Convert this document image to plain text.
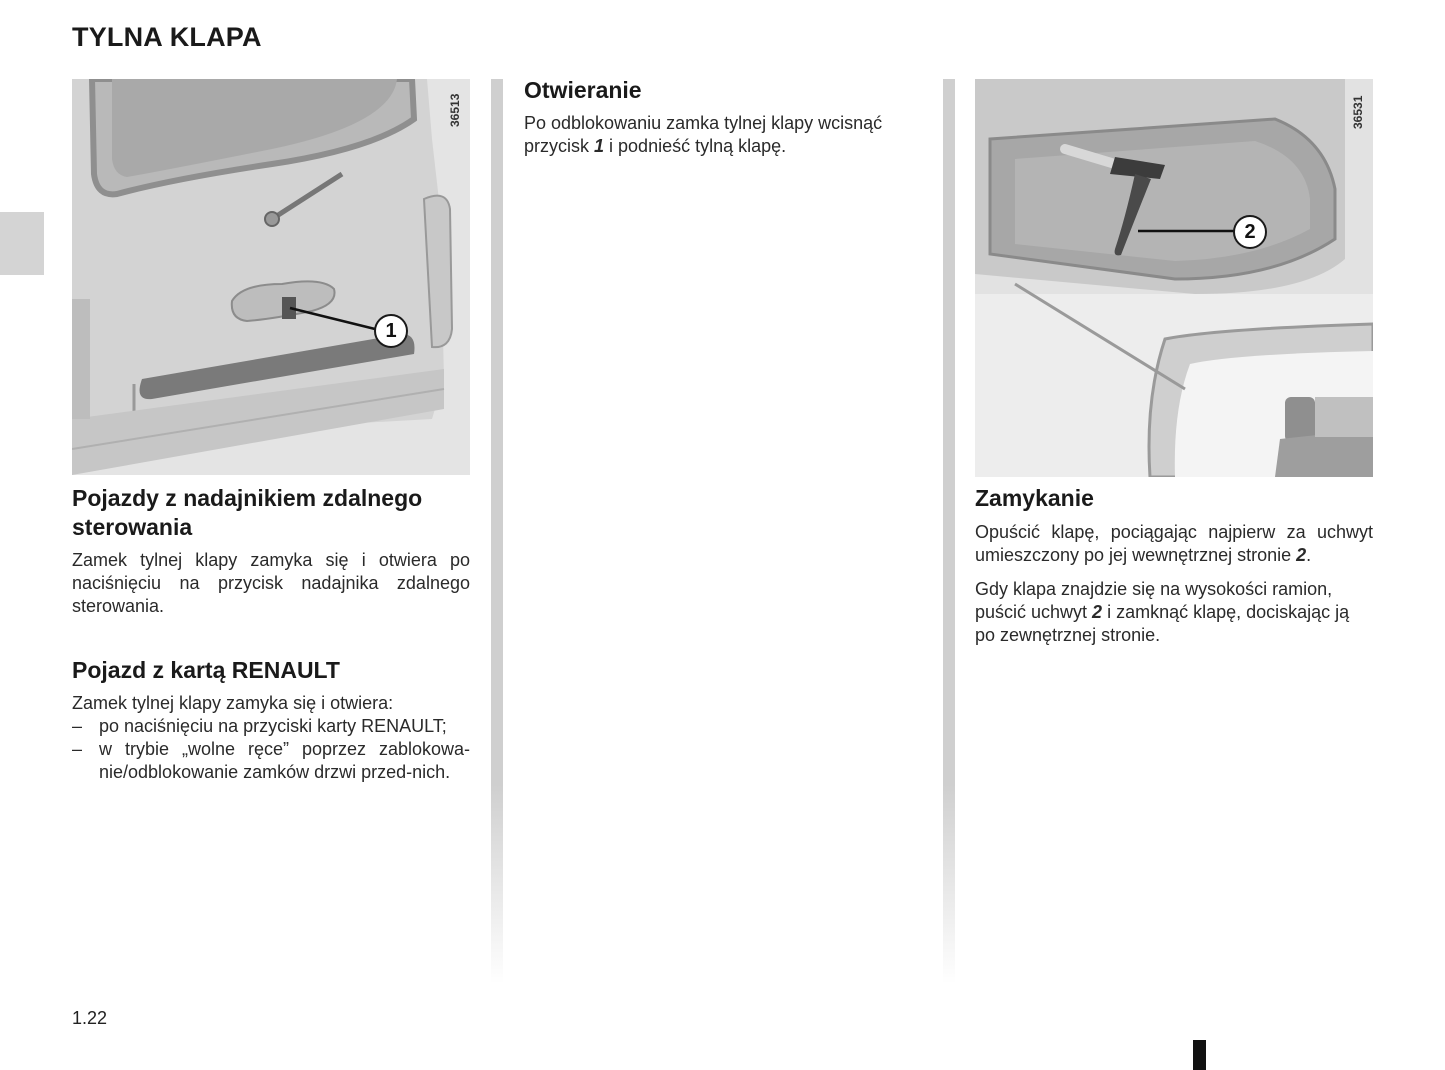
TYLNA KLAPA
36513
1
36531
2
Pojazdy z nadajnikiem zdalnego sterowania

Zamek tylnej klapy zamyka się i otwiera po naciśnięciu na przycisk nadajnika zdalnego sterowania.

Pojazd z kartą RENAULT

Zamek tylnej klapy zamyka się i otwiera:

– po naciśnięciu na przyciski karty RENAULT;
– w trybie „wolne ręce” poprzez zablokowa-nie/odblokowanie zamków drzwi przed-nich.
Otwieranie

Po odblokowaniu zamka tylnej klapy wcisnąć przycisk 1 i podnieść tylną klapę.

Zamykanie

Opuścić klapę, pociągając najpierw za uchwyt umieszczony po jej wewnętrznej stronie 2.

Gdy klapa znajdzie się na wysokości ramion, puścić uchwyt 2 i zamknąć klapę, dociskając ją po zewnętrznej stronie.

1.22
